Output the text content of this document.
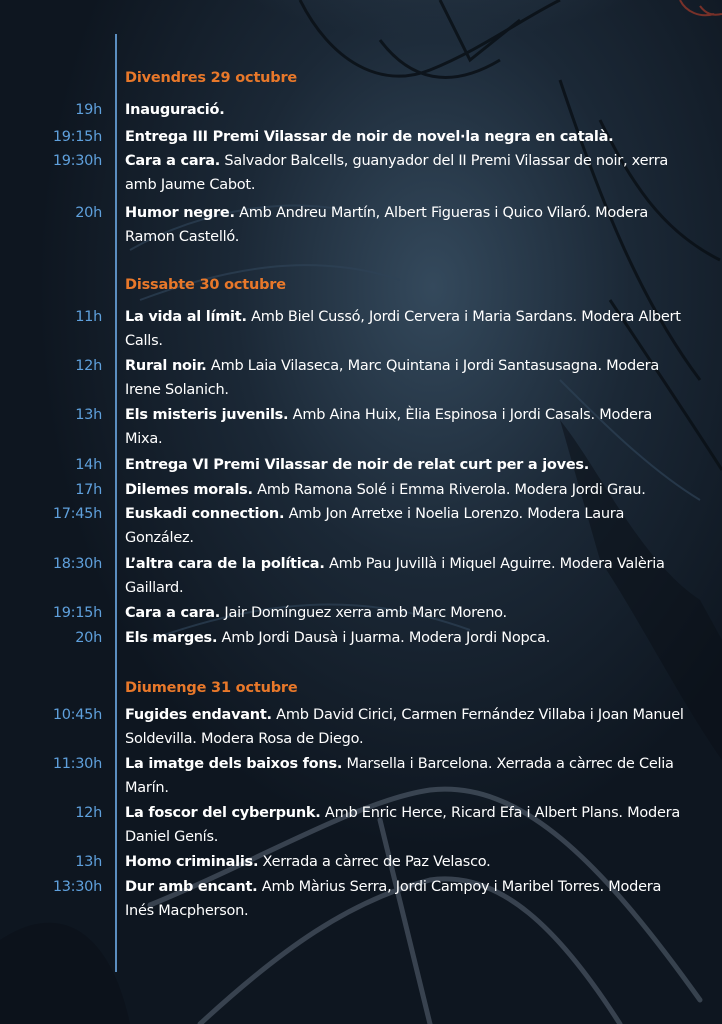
Divendres 29 octubre
19h Inauguració.
19:15h Entrega III Premi Vilassar de noir de novel·la negra en català.
19:30h Cara a cara. Salvador Balcells, guanyador del II Premi Vilassar de noir, xerra amb Jaume Cabot.
20h Humor negre. Amb Andreu Martín, Albert Figueras i Quico Vilaró. Modera Ramon Castelló.
Dissabte 30 octubre
11h La vida al límit. Amb Biel Cussó, Jordi Cervera i Maria Sardans. Modera Albert Calls.
12h Rural noir. Amb Laia Vilaseca, Marc Quintana i Jordi Santasusagna. Modera Irene Solanich.
13h Els misteris juvenils. Amb Aina Huix, Èlia Espinosa i Jordi Casals. Modera Mixa.
14h Entrega VI Premi Vilassar de noir de relat curt per a joves.
17h Dilemes morals. Amb Ramona Solé i Emma Riverola. Modera Jordi Grau.
17:45h Euskadi connection. Amb Jon Arretxe i Noelia Lorenzo. Modera Laura González.
18:30h L’altra cara de la política. Amb Pau Juvillà i Miquel Aguirre. Modera Valèria Gaillard.
19:15h Cara a cara. Jair Domínguez xerra amb Marc Moreno.
20h Els marges. Amb Jordi Dausà i Juarma. Modera Jordi Nopca.
Diumenge 31 octubre
10:45h Fugides endavant. Amb David Cirici, Carmen Fernández Villaba i Joan Manuel Soldevilla. Modera Rosa de Diego.
11:30h La imatge dels baixos fons. Marsella i Barcelona. Xerrada a càrrec de Celia Marín.
12h La foscor del cyberpunk. Amb Enric Herce, Ricard Efa i Albert Plans. Modera Daniel Genís.
13h Homo criminalis. Xerrada a càrrec de Paz Velasco.
13:30h Dur amb encant. Amb Màrius Serra, Jordi Campoy i Maribel Torres. Modera Inés Macpherson.
